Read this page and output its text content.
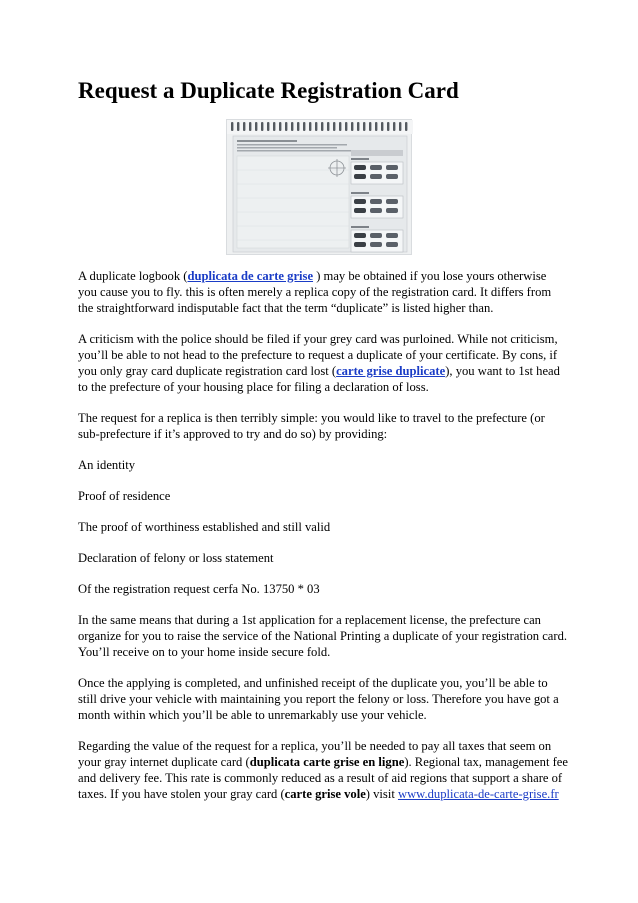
Request a Duplicate Registration Card

A duplicate logbook (duplicata de carte grise ) may be obtained if you lose yours otherwise you cause you to fly. this is often merely a replica copy of the registration card. It differs from the straightforward indisputable fact that the term “duplicate” is listed higher than.

A criticism with the police should be filed if your grey card was purloined. While not criticism, you’ll be able to not head to the prefecture to request a duplicate of your certificate. By cons, if you only gray card duplicate registration card lost (carte grise duplicate), you want to 1st head to the prefecture of your housing place for filing a declaration of loss.

The request for a replica is then terribly simple: you would like to travel to the prefecture (or sub-prefecture if it’s approved to try and do so) by providing:

An identity

Proof of residence

The proof of worthiness established and still valid

Declaration of felony or loss statement

Of the registration request cerfa No. 13750 * 03

In the same means that during a 1st application for a replacement license, the prefecture can organize for you to raise the service of the National Printing a duplicate of your registration card. You’ll receive on to your home inside secure fold.

Once the applying is completed, and unfinished receipt of the duplicate you, you’ll be able to still drive your vehicle with maintaining you report the felony or loss. Therefore you have got a month within which you’ll be able to unremarkably use your vehicle.

Regarding the value of the request for a replica, you’ll be needed to pay all taxes that seem on your gray internet duplicate card (duplicata carte grise en ligne). Regional tax, management fee and delivery fee. This rate is commonly reduced as a result of aid regions that support a share of taxes. If you have stolen your gray card (carte grise vole) visit www.duplicata-de-carte-grise.fr
